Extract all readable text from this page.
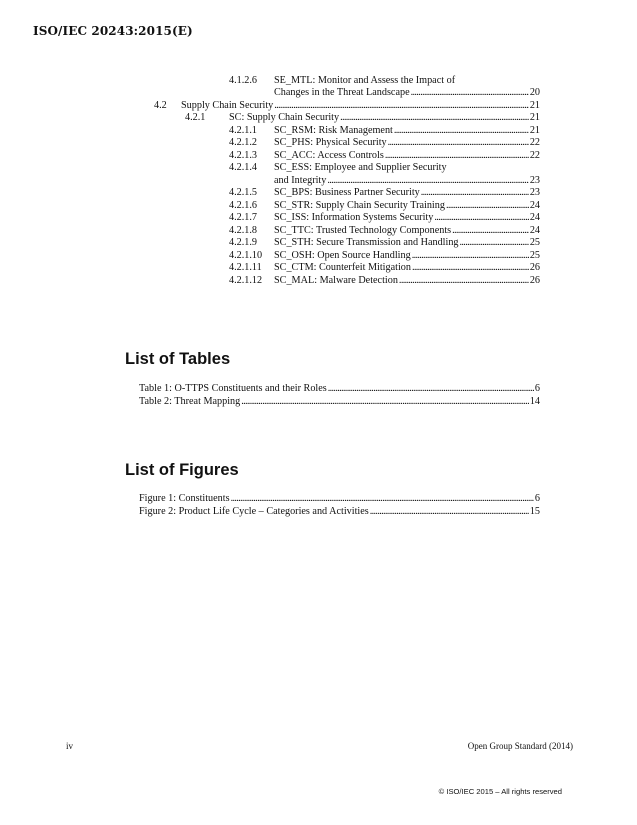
ISO/IEC 20243:2015(E)
4.1.2.6 SE_MTL: Monitor and Assess the Impact of
Changes in the Threat Landscape . . .	20
4.2	Supply Chain Security . . .	21
4.2.1	SC: Supply Chain Security . . .	21
4.2.1.1	SC_RSM: Risk Management . . .	21
4.2.1.2	SC_PHS: Physical Security . . .	22
4.2.1.3	SC_ACC: Access Controls . . .	22
4.2.1.4 SC_ESS: Employee and Supplier Security
and Integrity . . .	23
4.2.1.5	SC_BPS: Business Partner Security . . .	23
4.2.1.6	SC_STR: Supply Chain Security Training . . .	24
4.2.1.7	SC_ISS: Information Systems Security . . .	24
4.2.1.8	SC_TTC: Trusted Technology Components . . .	24
4.2.1.9	SC_STH: Secure Transmission and Handling . . .	25
4.2.1.10	SC_OSH: Open Source Handling . . .	25
4.2.1.11	SC_CTM: Counterfeit Mitigation . . .	26
4.2.1.12	SC_MAL: Malware Detection . . .	26
List of Tables
Table 1: O-TTPS Constituents and their Roles . . .	6
Table 2: Threat Mapping . . .	14
List of Figures
Figure 1: Constituents . . .	6
Figure 2: Product Life Cycle – Categories and Activities . . .	15
iv	Open Group Standard (2014)
© ISO/IEC 2015 – All rights reserved
